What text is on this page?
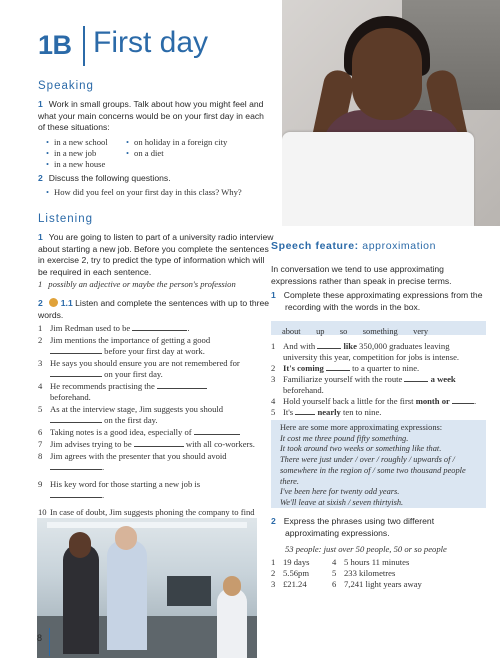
1B First day
Speaking
1 Work in small groups. Talk about how you might feel and what your main concerns would be on your first day in each of these situations:
• in a new school
• in a new job
• in a new house
• on holiday in a foreign city
• on a diet
2 Discuss the following questions.
• How did you feel on your first day in this class? Why?
Listening
1 You are going to listen to part of a university radio interview about starting a new job. Before you complete the sentences in exercise 2, try to predict the type of information which will be required in each sentence.
1 possibly an adjective or maybe the person's profession
2 1.1 Listen and complete the sentences with up to three words.
1 Jim Redman used to be	.
2 Jim mentions the importance of getting a good
before your first day at work.
3 He says you should ensure you are not remembered for
on your first day.
4 He recommends practising the
beforehand.
5 As at the interview stage, Jim suggests you should
on the first day.
6 Taking notes is a good idea, especially of
7 Jim advises trying to be	with all co-workers.
8 Jim agrees with the presenter that you should avoid
.
9 His key word for those starting a new job is
.
10 In case of doubt, Jim suggests phoning the company to find
8
Speech feature: approximation
In conversation we tend to use approximating expressions rather than speak in precise terms.
1 Complete these approximating expressions from the recording with the words in the box.
about up so something very
1 And with	like 350,000 graduates leaving university this year, competition for jobs is intense.
2 It's coming	to a quarter to nine.
3 Familiarize yourself with the route	a week beforehand.
4 Hold yourself back a little for the first month or	.
5 It's	nearly ten to nine.
Here are some more approximating expressions:
It cost me three pound fifty something.
It took around two weeks or something like that.
There were just under / over / roughly / upwards of / somewhere in the region of / some two thousand people there.
I've been here for twenty odd years.
We'll leave at sixish / seven thirtyish.
2 Express the phrases using two different approximating expressions.
53 people: just over 50 people, 50 or so people
1 19 days
2 5.56pm
3 £21.24
4 5 hours 11 minutes
5 233 kilometres
6 7,241 light years away
